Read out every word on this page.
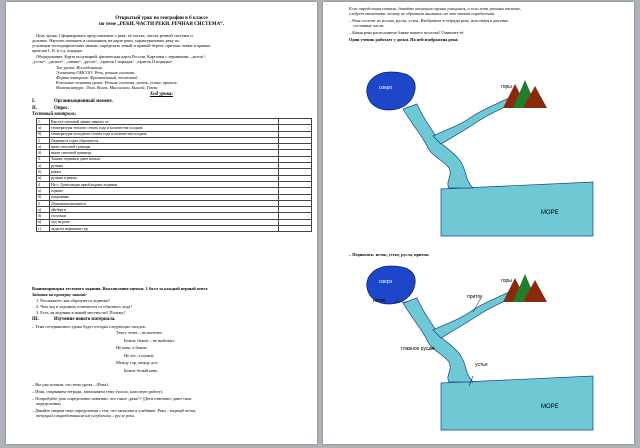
Открытый урок по географии в 6 классе
по теме „РЕКИ. ЧАСТИ РЕКИ. РЕЧНАЯ СИСТЕМА“.
Цель урока: Сформировать представление о реке, её частях, частях речной системы и
долинах. Научить называть и показывать на карте реки, характеризовать реку по
условным топографическим знакам, определять левый и правый берега, притоки левые и правые,
притоки I, II, и т.д. порядка.
Оборудование: Карта полушарий, физическая карта России. Карточки с терминами: „исток“,
„устье“, „дельта“, „лиман“, „русло“, „приток I порядка“, „приток II порядка“.
Тип урока: Исследования.
Элементы ОМСОО: Речь, речная система.
Формы контроля: Фронтальный, тестовый.
Ключевые понятия урока: Речная система, исток, устье, приток.
Номенклатура: Лена, Волга, Миссисипи, Енисей, Темза.
Ход урока:
I.	Организационный момент.
II.	Опрос.
Тестовый контроль:
1.	Высота снеговой линии зависит от:	
а)	температуры теплого сезона года и количества осадков	
б)	температуры холодного сезона года и количества осадков	
2.	Ледники в горах образуются	
а)	ниже снеговой границы	
б)	выше снеговой границы	
3.	Таяние ледников дают начало	
а)	ручьям	
б)	рекам	
в)	ручьям и рекам	
4.	На о. Гренландия преобладают ледники	
а)	горные	
б)	покровные	
5.	Ледниками являются	
а)	айсберги	
б)	сосульки	
в)	лед на реке	
г)	льды на вершинах гор	
Взаимопроверка тестового задания. Выставление оценок: 1 балл за каждый верный ответ.
Задания на проверку знаний:
1. Расскажите, как образуются ледники?
2. Чем лед в ледниках отличается от обычного льда?
3. Есть ли ледники в нашей местности? Почему?
III.	Изучение нового материала.
– Тема сегодняшнего урока будет отгадка следующих загадок:
Течет, течет – не вытечет;
Бежит, бежит – не выбежит.
Не конь, а бежит,
Не лес, а шумит.
Между гор, между дол
Бежит белый конь.
– Вы уже поняли, что тема урока – (Река).
– Итак, открываем тетради, записываем тему (число, классную работу).
– Попробуйте дать определение понятию, что такое „река“? (Дети отвечают, дают свои
определения).
– Давайте сверим свои определения с тем, что записано в учебнике: Река – водный поток,
текущий в выработанном им углублении – русле реки.
Если определения совпали, давайте отличная оценка учащимся, а если есть ученики отличие,
следует отметить: почему не обратила внимание на это значит определения.
– Река состоит из истока, русла, устья. Изобразите в тетради реку, используя в рисунке
составные части.
– Какая река расположена ближе вашего поселка? Опишите её.
Один ученик работает у доски. На ней изображена река:
озеро	горы
МОРЕ
– Подписать: исток, устье, русло, приток:
озеро	горы
МОРЕ
исток
приток
главное русло
устье
